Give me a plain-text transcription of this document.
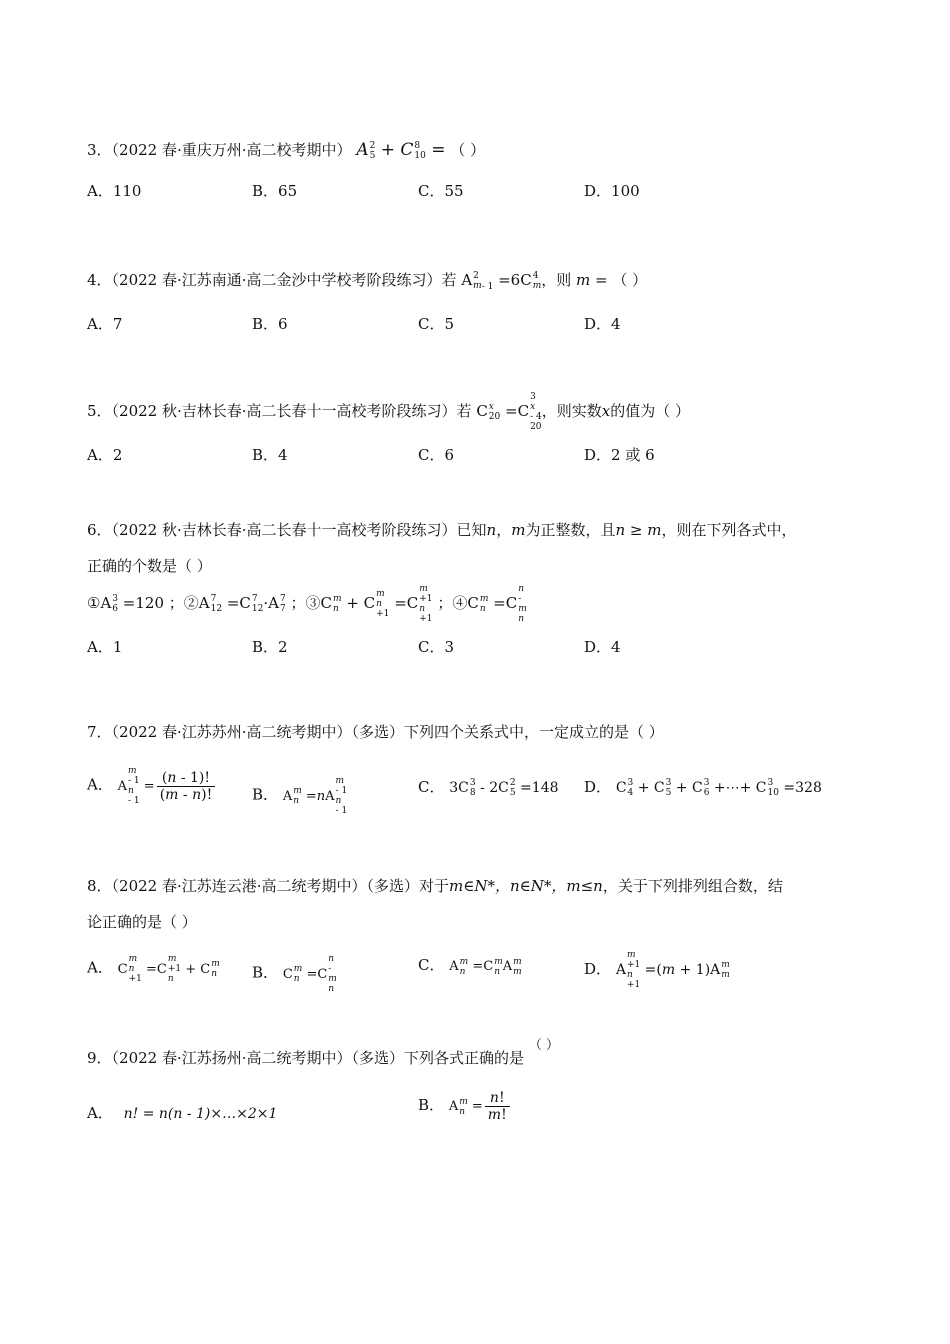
3．（2022 春·重庆万州·高二校考期中） A 2
5 + C 8
10 = （ ）
A．110	B．65	C．55	D．100
4．（2022 春·江苏南通·高二金沙中学校考阶段练习）若 A 2
m $_{- 1}$ =6C 4
m ，则 m = （ ）
A．7	B．6	C．5	D．4
5．（2022 秋·吉林长春·高二长春十一高校考阶段练习）若 C x
20 =C
3
x
- 4
20
，则实数x的值为（ ）
A．2	B．4	C．6	D．2 或 6
6．（2022 秋·吉林长春·高二长春十一高校考阶段练习）已知n，m为正整数，且n ≥ m，则在下列各式中，
正确的个数是（ ）
①A 3
6 =120 ；②A 7
12 =C 7
12 ·A 7
7 ；③C m
n + C m
n
+1
=C
m
+1
n
+1
；④C m
n =C
n
-
m
n
A．1	B．2	C．3	D．4
7．（2022 春·江苏苏州·高二统考期中）（多选）下列四个关系式中，一定成立的是（ ）
A． A
m
- 1
n
- 1
= $\frac{(n - 1)!}{(m - n)!}$ B． A m
n =nA
m
- 1
n
- 1
C． 3C 3
8 - 2C 2
5 =148 D． C 3
4 + C 3
5 + C 3
6 +⋯+ C 3
10 =328
8．（2022 春·江苏连云港·高二统考期中）（多选）对于m∈N*，n∈N*，m≤n，关于下列排列组合数，结
论正确的是（ ）
A． C
m
n
+1
=C
m
+1
n
+ C m
n B． C m
n =C
n
-
m
n
C． A m
n =C m
n A m
m	D． A
m
+1
n
+1
=(m + 1)A m
m
9．（2022 春·江苏扬州·高二统考期中）（多选）下列各式正确的是 （ ）
A． n! = n(n - 1)×…×2×1	B． A m
$n = \frac{n!}{m!}$
